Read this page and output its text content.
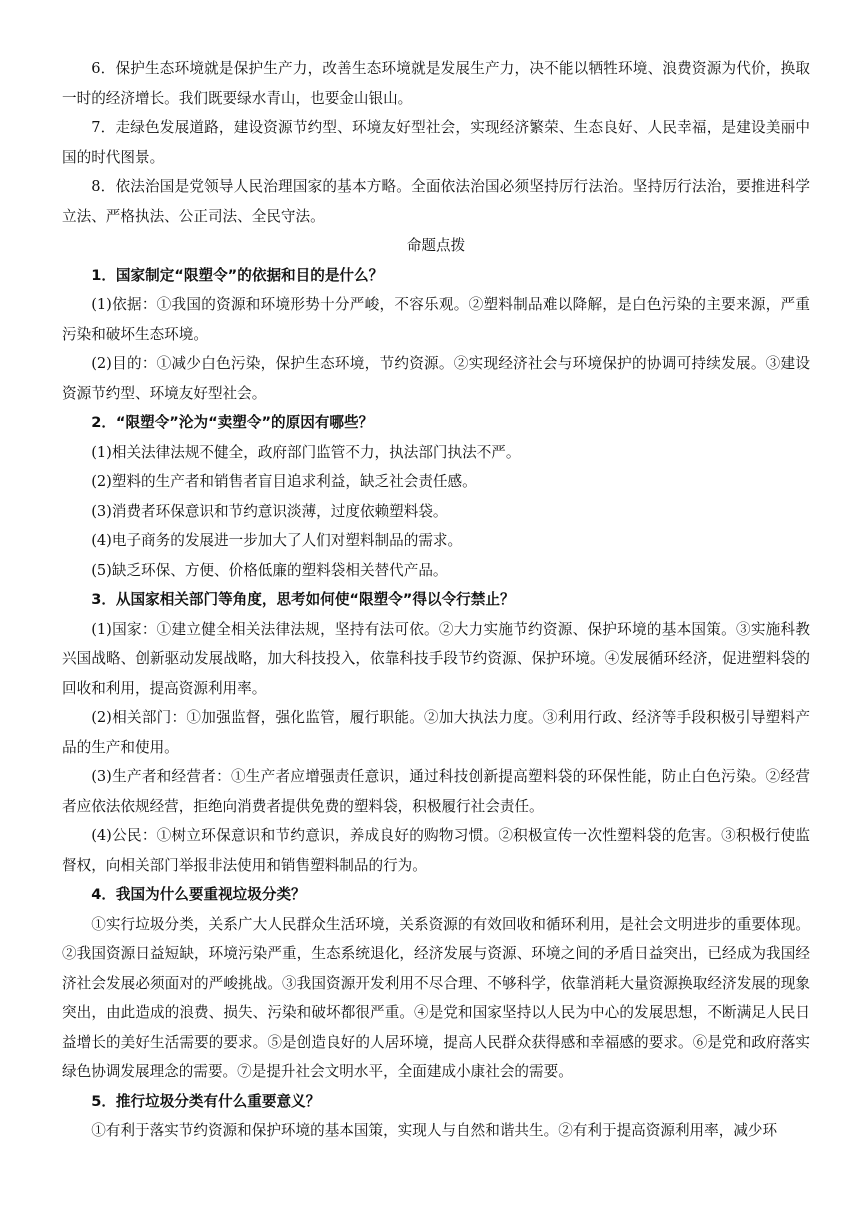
6．保护生态环境就是保护生产力，改善生态环境就是发展生产力，决不能以牺牲环境、浪费资源为代价，换取一时的经济增长。我们既要绿水青山，也要金山银山。

7．走绿色发展道路，建设资源节约型、环境友好型社会，实现经济繁荣、生态良好、人民幸福，是建设美丽中国的时代图景。

8．依法治国是党领导人民治理国家的基本方略。全面依法治国必须坚持厉行法治。坚持厉行法治，要推进科学立法、严格执法、公正司法、全民守法。

命题点拨

1．国家制定“限塑令”的依据和目的是什么？

(1)依据：①我国的资源和环境形势十分严峻，不容乐观。②塑料制品难以降解，是白色污染的主要来源，严重污染和破坏生态环境。

(2)目的：①减少白色污染，保护生态环境，节约资源。②实现经济社会与环境保护的协调可持续发展。③建设资源节约型、环境友好型社会。

2．“限塑令”沦为“卖塑令”的原因有哪些？

(1)相关法律法规不健全，政府部门监管不力，执法部门执法不严。

(2)塑料的生产者和销售者盲目追求利益，缺乏社会责任感。

(3)消费者环保意识和节约意识淡薄，过度依赖塑料袋。

(4)电子商务的发展进一步加大了人们对塑料制品的需求。

(5)缺乏环保、方便、价格低廉的塑料袋相关替代产品。

3．从国家相关部门等角度，思考如何使“限塑令”得以令行禁止？

(1)国家：①建立健全相关法律法规，坚持有法可依。②大力实施节约资源、保护环境的基本国策。③实施科教兴国战略、创新驱动发展战略，加大科技投入，依靠科技手段节约资源、保护环境。④发展循环经济，促进塑料袋的回收和利用，提高资源利用率。

(2)相关部门：①加强监督，强化监管，履行职能。②加大执法力度。③利用行政、经济等手段积极引导塑料产品的生产和使用。

(3)生产者和经营者：①生产者应增强责任意识，通过科技创新提高塑料袋的环保性能，防止白色污染。②经营者应依法依规经营，拒绝向消费者提供免费的塑料袋，积极履行社会责任。

(4)公民：①树立环保意识和节约意识，养成良好的购物习惯。②积极宣传一次性塑料袋的危害。③积极行使监督权，向相关部门举报非法使用和销售塑料制品的行为。

4．我国为什么要重视垃圾分类？

①实行垃圾分类，关系广大人民群众生活环境，关系资源的有效回收和循环利用，是社会文明进步的重要体现。②我国资源日益短缺，环境污染严重，生态系统退化，经济发展与资源、环境之间的矛盾日益突出，已经成为我国经济社会发展必须面对的严峻挑战。③我国资源开发利用不尽合理、不够科学，依靠消耗大量资源换取经济发展的现象突出，由此造成的浪费、损失、污染和破坏都很严重。④是党和国家坚持以人民为中心的发展思想，不断满足人民日益增长的美好生活需要的要求。⑤是创造良好的人居环境，提高人民群众获得感和幸福感的要求。⑥是党和政府落实绿色协调发展理念的需要。⑦是提升社会文明水平，全面建成小康社会的需要。

5．推行垃圾分类有什么重要意义？

①有利于落实节约资源和保护环境的基本国策，实现人与自然和谐共生。②有利于提高资源利用率，减少环
